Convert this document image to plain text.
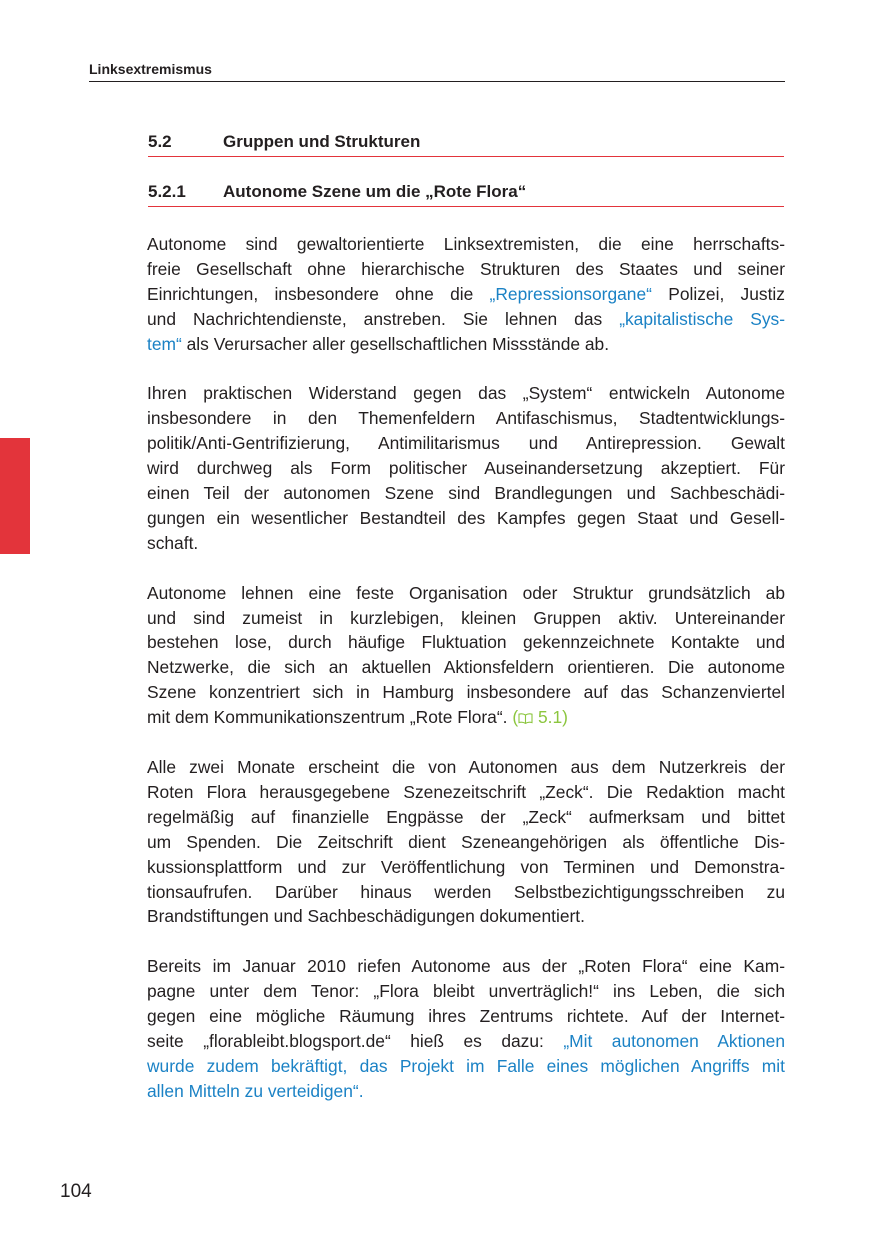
Linksextremismus
5.2	Gruppen und Strukturen
5.2.1 Autonome Szene um die „Rote Flora“

Autonome sind gewaltorientierte Linksextremisten, die eine herrschafts-
freie Gesellschaft ohne hierarchische Strukturen des Staates und seiner
Einrichtungen, insbesondere ohne die „Repressionsorgane“ Polizei, Justiz
und Nachrichtendienste, anstreben. Sie lehnen das „kapitalistische Sys-
tem“ als Verursacher aller gesellschaftlichen Missstände ab.

Ihren praktischen Widerstand gegen das „System“ entwickeln Autonome
insbesondere in den Themenfeldern Antifaschismus, Stadtentwicklungs-
politik/Anti-Gentrifizierung, Antimilitarismus und Antirepression. Gewalt
wird durchweg als Form politischer Auseinandersetzung akzeptiert. Für
einen Teil der autonomen Szene sind Brandlegungen und Sachbeschädi-
gungen ein wesentlicher Bestandteil des Kampfes gegen Staat und Gesell-
schaft.

Autonome lehnen eine feste Organisation oder Struktur grundsätzlich ab
und sind zumeist in kurzlebigen, kleinen Gruppen aktiv. Untereinander
bestehen lose, durch häufige Fluktuation gekennzeichnete Kontakte und
Netzwerke, die sich an aktuellen Aktionsfeldern orientieren. Die autonome
Szene konzentriert sich in Hamburg insbesondere auf das Schanzenviertel
mit dem Kommunikationszentrum „Rote Flora“. ( 5.1)

Alle zwei Monate erscheint die von Autonomen aus dem Nutzerkreis der
Roten Flora herausgegebene Szenezeitschrift „Zeck“. Die Redaktion macht
regelmäßig auf finanzielle Engpässe der „Zeck“ aufmerksam und bittet
um Spenden. Die Zeitschrift dient Szeneangehörigen als öffentliche Dis-
kussionsplattform und zur Veröffentlichung von Terminen und Demonstra-
tionsaufrufen. Darüber hinaus werden Selbstbezichtigungsschreiben zu
Brandstiftungen und Sachbeschädigungen dokumentiert.

Bereits im Januar 2010 riefen Autonome aus der „Roten Flora“ eine Kam-
pagne unter dem Tenor: „Flora bleibt unverträglich!“ ins Leben, die sich
gegen eine mögliche Räumung ihres Zentrums richtete. Auf der Internet-
seite „florableibt.blogsport.de“ hieß es dazu: „Mit autonomen Aktionen
wurde zudem bekräftigt, das Projekt im Falle eines möglichen Angriffs mit
allen Mitteln zu verteidigen“.

104
